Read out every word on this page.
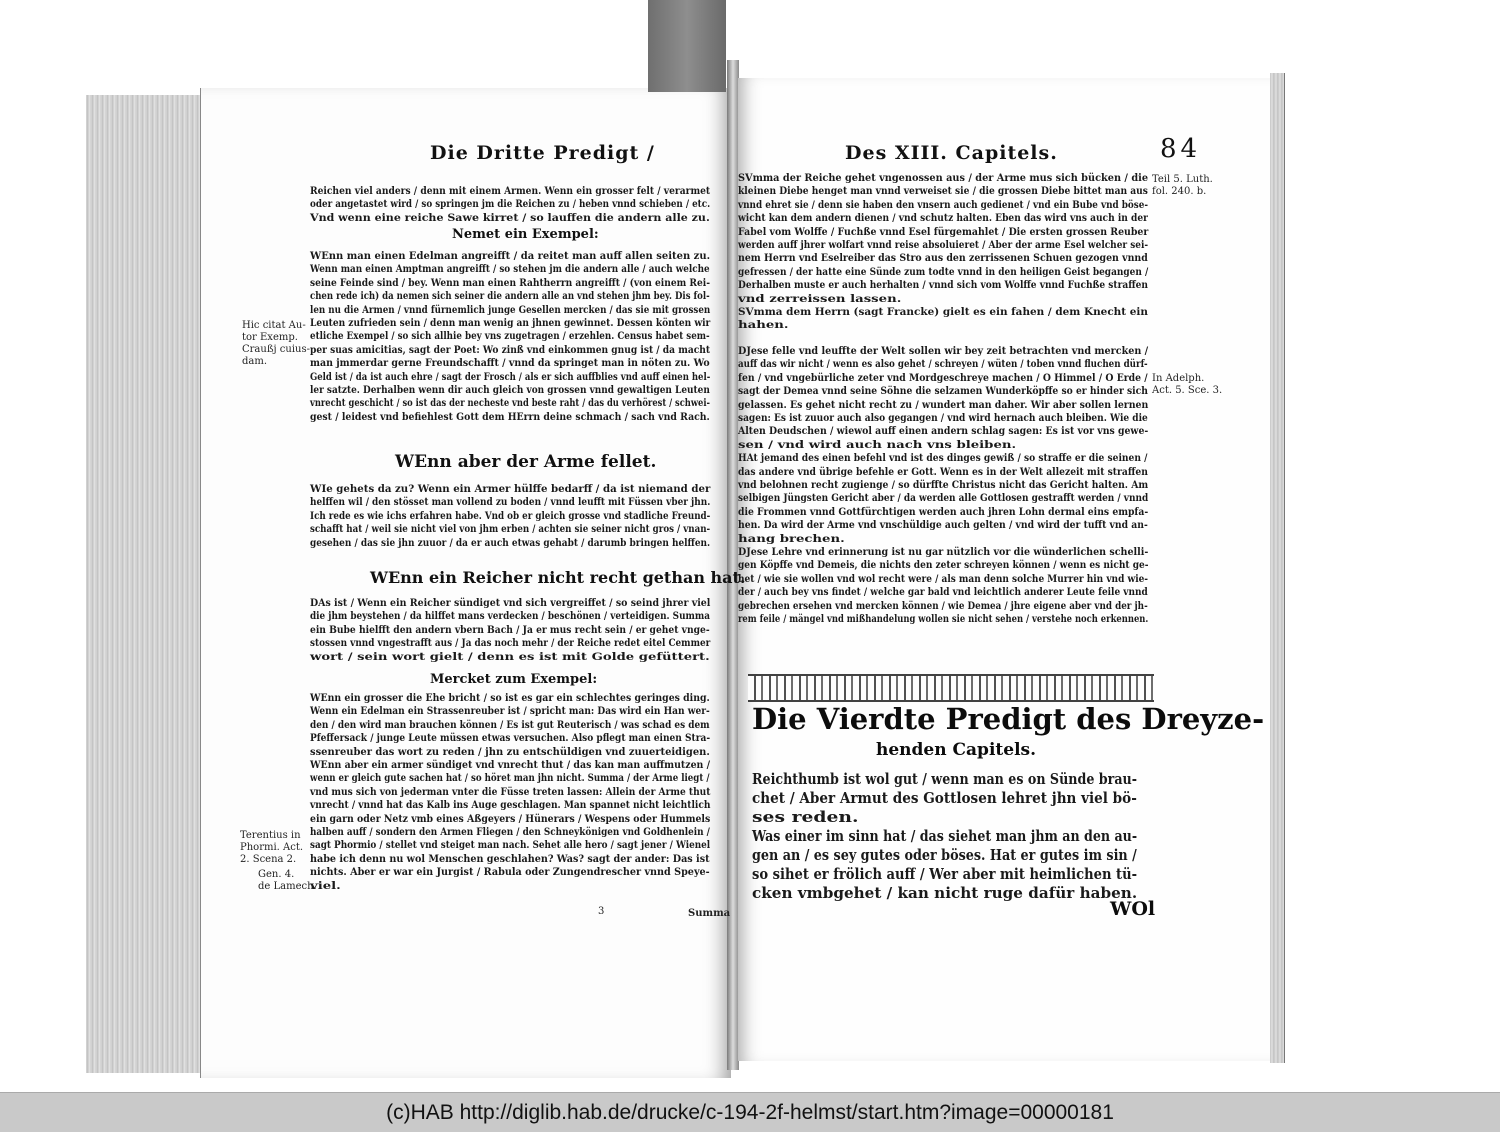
Die Dritte Predigt /
Reichen viel anders / denn mit einem Armen. Wenn ein grosser felt / verarmet
oder angetastet wird / so springen jm die Reichen zu / heben vnnd schieben / etc.
Vnd wenn eine reiche Sawe kirret / so lauffen die andern alle zu.
Nemet ein Exempel:
WEnn man einen Edelman angreifft / da reitet man auff allen seiten zu.
Wenn man einen Amptman angreifft / so stehen jm die andern alle / auch welche
seine Feinde sind / bey. Wenn man einen Rahtherrn angreifft / (von einem Rei-
chen rede ich) da nemen sich seiner die andern alle an vnd stehen jhm bey. Dis fol-
len nu die Armen / vnnd fürnemlich junge Gesellen mercken / das sie mit grossen
Leuten zufrieden sein / denn man wenig an jhnen gewinnet. Dessen könten wir
etliche Exempel / so sich allhie bey vns zugetragen / erzehlen. Census habet sem-
per suas amicitias, sagt der Poet: Wo zinß vnd einkommen gnug ist / da macht
man jmmerdar gerne Freundschafft / vnnd da springet man in nöten zu. Wo
Geld ist / da ist auch ehre / sagt der Frosch / als er sich auffblies vnd auff einen hel-
ler satzte. Derhalben wenn dir auch gleich von grossen vnnd gewaltigen Leuten
vnrecht geschicht / so ist das der necheste vnd beste raht / das du verhörest / schwei-
gest / leidest vnd befiehlest Gott dem HErrn deine schmach / sach vnd Rach.
WEnn aber der Arme fellet.
WIe gehets da zu? Wenn ein Armer hülffe bedarff / da ist niemand der
helffen wil / den stösset man vollend zu boden / vnnd leufft mit Füssen vber jhn.
Ich rede es wie ichs erfahren habe. Vnd ob er gleich grosse vnd stadliche Freund-
schafft hat / weil sie nicht viel von jhm erben / achten sie seiner nicht gros / vnan-
gesehen / das sie jhn zuuor / da er auch etwas gehabt / darumb bringen helffen.
WEnn ein Reicher nicht recht gethan hat.
DAs ist / Wenn ein Reicher sündiget vnd sich vergreiffet / so seind jhrer viel
die jhm beystehen / da hilffet mans verdecken / beschönen / verteidigen. Summa
ein Bube hielfft den andern vbern Bach / Ja er mus recht sein / er gehet vnge-
stossen vnnd vngestrafft aus / Ja das noch mehr / der Reiche redet eitel Cemmer
wort / sein wort gielt / denn es ist mit Golde gefüttert.
Mercket zum Exempel:
WEnn ein grosser die Ehe bricht / so ist es gar ein schlechtes geringes ding.
Wenn ein Edelman ein Strassenreuber ist / spricht man: Das wird ein Han wer-
den / den wird man brauchen können / Es ist gut Reuterisch / was schad es dem
Pfeffersack / junge Leute müssen etwas versuchen. Also pflegt man einen Stra-
ssenreuber das wort zu reden / jhn zu entschüldigen vnd zuuerteidigen.
WEnn aber ein armer sündiget vnd vnrecht thut / das kan man auffmutzen /
wenn er gleich gute sachen hat / so höret man jhn nicht. Summa / der Arme liegt /
vnd mus sich von jederman vnter die Füsse treten lassen: Allein der Arme thut
vnrecht / vnnd hat das Kalb ins Auge geschlagen. Man spannet nicht leichtlich
ein garn oder Netz vmb eines Aßgeyers / Hünerars / Wespens oder Hummels
halben auff / sondern den Armen Fliegen / den Schneykönigen vnd Goldhenlein /
sagt Phormio / stellet vnd steiget man nach. Sehet alle hero / sagt jener / Wienel
habe ich denn nu wol Menschen geschlahen? Was? sagt der ander: Das ist
nichts. Aber er war ein Jurgist / Rabula oder Zungendrescher vnnd Speye-
viel.
Hic citat Au-
tor Exemp.
Craußj cuius-
dam.
Terentius in
Phormi. Act.
2. Scena 2.
Gen. 4.
de Lamech.
3	Summa
Des XIII. Capitels.	84
SVmma der Reiche gehet vngenossen aus / der Arme mus sich bücken / die
kleinen Diebe henget man vnnd verweiset sie / die grossen Diebe bittet man aus
vnnd ehret sie / denn sie haben den vnsern auch gedienet / vnd ein Bube vnd böse-
wicht kan dem andern dienen / vnd schutz halten. Eben das wird vns auch in der
Fabel vom Wolffe / Fuchße vnnd Esel fürgemahlet / Die ersten grossen Reuber
werden auff jhrer wolfart vnnd reise absoluieret / Aber der arme Esel welcher sei-
nem Herrn vnd Eselreiber das Stro aus den zerrissenen Schuen gezogen vnnd
gefressen / der hatte eine Sünde zum todte vnnd in den heiligen Geist begangen /
Derhalben muste er auch herhalten / vnnd sich vom Wolffe vnnd Fuchße straffen
vnd zerreissen lassen.
SVmma dem Herrn (sagt Francke) gielt es ein fahen / dem Knecht ein
hahen.
DJese felle vnd leuffte der Welt sollen wir bey zeit betrachten vnd mercken /
auff das wir nicht / wenn es also gehet / schreyen / wüten / toben vnnd fluchen dürf-
fen / vnd vngebürliche zeter vnd Mordgeschreye machen / O Himmel / O Erde /
sagt der Demea vnnd seine Söhne die selzamen Wunderköpffe so er hinder sich
gelassen. Es gehet nicht recht zu / wundert man daher. Wir aber sollen lernen
sagen: Es ist zuuor auch also gegangen / vnd wird hernach auch bleiben. Wie die
Alten Deudschen / wiewol auff einen andern schlag sagen: Es ist vor vns gewe-
sen / vnd wird auch nach vns bleiben.
HAt jemand des einen befehl vnd ist des dinges gewiß / so straffe er die seinen /
das andere vnd übrige befehle er Gott. Wenn es in der Welt allezeit mit straffen
vnd belohnen recht zugienge / so dürffte Christus nicht das Gericht halten. Am
selbigen Jüngsten Gericht aber / da werden alle Gottlosen gestrafft werden / vnnd
die Frommen vnnd Gottfürchtigen werden auch jhren Lohn dermal eins empfa-
hen. Da wird der Arme vnd vnschüldige auch gelten / vnd wird der tufft vnd an-
hang brechen.
DJese Lehre vnd erinnerung ist nu gar nützlich vor die wünderlichen schelli-
gen Köpffe vnd Demeis, die nichts den zeter schreyen können / wenn es nicht ge-
het / wie sie wollen vnd wol recht were / als man denn solche Murrer hin vnd wie-
der / auch bey vns findet / welche gar bald vnd leichtlich anderer Leute feile vnnd
gebrechen ersehen vnd mercken können / wie Demea / jhre eigene aber vnd der jh-
rem feile / mängel vnd mißhandelung wollen sie nicht sehen / verstehe noch erkennen.
Teil 5. Luth.
fol. 240. b.
In Adelph.
Act. 5. Sce. 3.
Die Vierdte Predigt des Dreyze-
henden Capitels.
Reichthumb ist wol gut / wenn man es on Sünde brau-
chet / Aber Armut des Gottlosen lehret jhn viel bö-
ses reden.
Was einer im sinn hat / das siehet man jhm an den au-
gen an / es sey gutes oder böses. Hat er gutes im sin /
so sihet er frölich auff / Wer aber mit heimlichen tü-
cken vmbgehet / kan nicht ruge dafür haben.
WOl
(c)HAB http://diglib.hab.de/drucke/c-194-2f-helmst/start.htm?image=00000181
